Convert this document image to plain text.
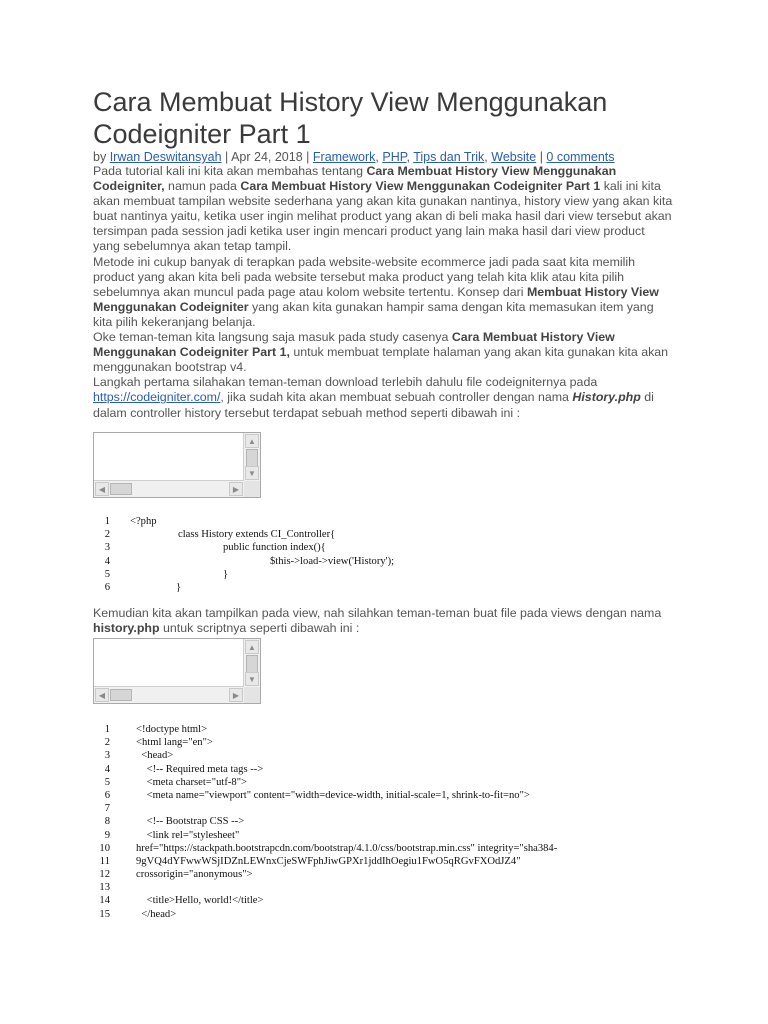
Cara Membuat History View Menggunakan Codeigniter Part 1
by Irwan Deswitansyah | Apr 24, 2018 | Framework, PHP, Tips dan Trik, Website | 0 comments

Pada tutorial kali ini kita akan membahas tentang Cara Membuat History View Menggunakan Codeigniter, namun pada Cara Membuat History View Menggunakan Codeigniter Part 1 kali ini kita akan membuat tampilan website sederhana yang akan kita gunakan nantinya, history view yang akan kita buat nantinya yaitu, ketika user ingin melihat product yang akan di beli maka hasil dari view tersebut akan tersimpan pada session jadi ketika user ingin mencari product yang lain maka hasil dari view product yang sebelumnya akan tetap tampil.

Metode ini cukup banyak di terapkan pada website-website ecommerce jadi pada saat kita memilih product yang akan kita beli pada website tersebut maka product yang telah kita klik atau kita pilih sebelumnya akan muncul pada page atau kolom website tertentu. Konsep dari Membuat History View Menggunakan Codeigniter yang akan kita gunakan hampir sama dengan kita memasukan item yang kita pilih kekeranjang belanja.

Oke teman-teman kita langsung saja masuk pada study casenya Cara Membuat History View Menggunakan Codeigniter Part 1, untuk membuat template halaman yang akan kita gunakan kita akan menggunakan bootstrap v4.

Langkah pertama silahakan teman-teman download terlebih dahulu file codeigniternya pada https://codeigniter.com/, jika sudah kita akan membuat sebuah controller dengan nama History.php di dalam controller history tersebut terdapat sebuah method seperti dibawah ini :

▲
▼
◀	▶
1 <?php
2	class History extends CI_Controller{
3	public function index(){
4	$this->load->view('History');
5	}
6	}
Kemudian kita akan tampilkan pada view, nah silahkan teman-teman buat file pada views dengan nama history.php untuk scriptnya seperti dibawah ini :
▲
▼
◀	▶
1 <!doctype html>
2 <html lang="en">
3 <head>
4 <!-- Required meta tags -->
5 <meta charset="utf-8">
6 <meta name="viewport" content="width=device-width, initial-scale=1, shrink-to-fit=no">
7
8 <!-- Bootstrap CSS -->
9 <link rel="stylesheet"
10 href="https://stackpath.bootstrapcdn.com/bootstrap/4.1.0/css/bootstrap.min.css" integrity="sha384-
11 9gVQ4dYFwwWSjIDZnLEWnxCjeSWFphJiwGPXr1jddIhOegiu1FwO5qRGvFXOdJZ4"
12 crossorigin="anonymous">
13
14 <title>Hello, world!</title>
15 </head>
